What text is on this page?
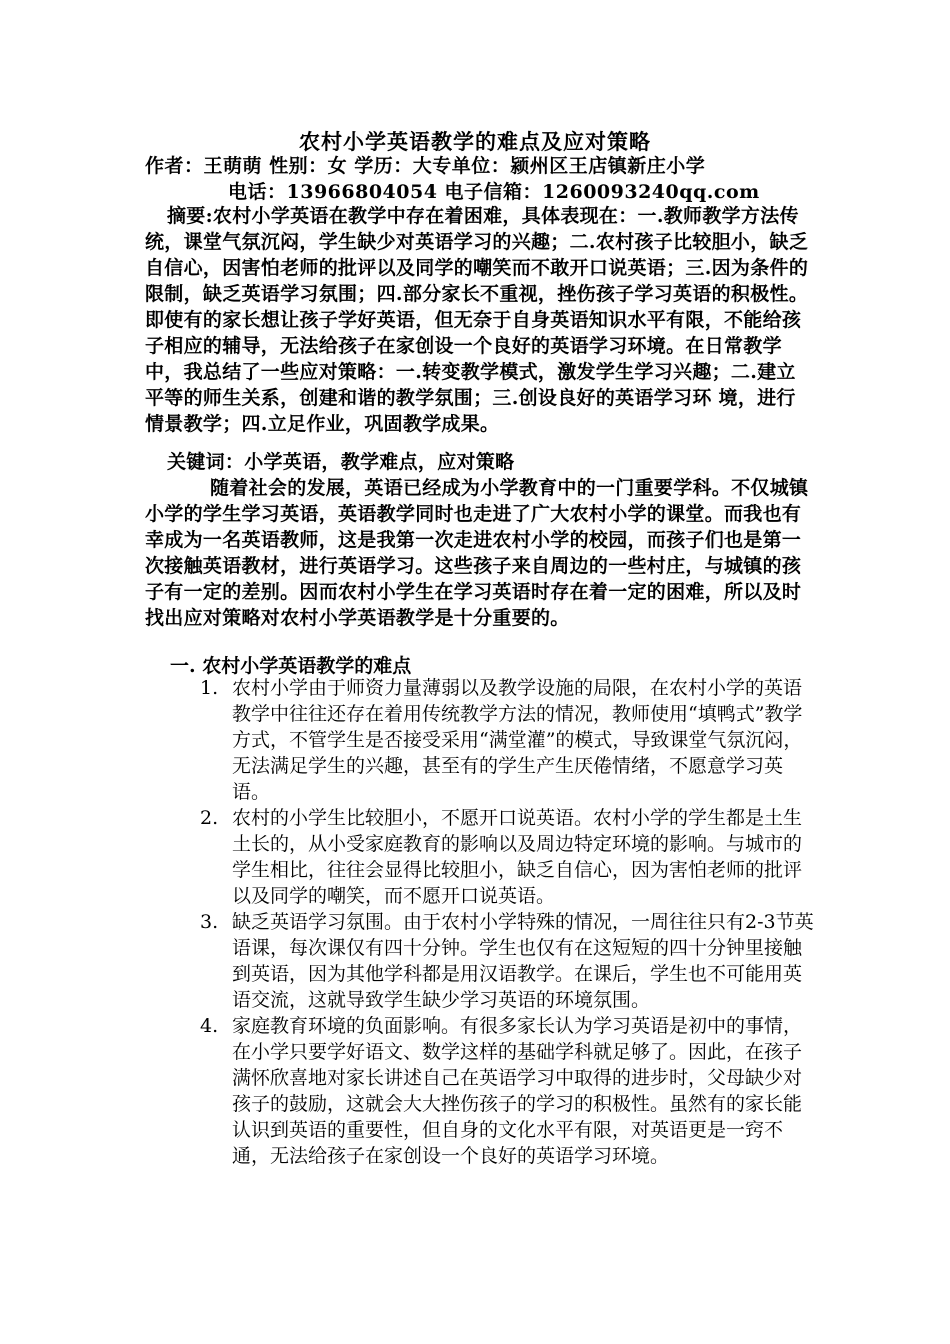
农村小学英语教学的难点及应对策略
作者：王萌萌 性别：女 学历：大专单位：颍州区王店镇新庄小学
电话：13966804054 电子信箱：1260093240qq.com
摘要:农村小学英语在教学中存在着困难，具体表现在：一.教师教学方法传统，课堂气氛沉闷，学生缺少对英语学习的兴趣；二.农村孩子比较胆小，缺乏自信心，因害怕老师的批评以及同学的嘲笑而不敢开口说英语；三.因为条件的限制，缺乏英语学习氛围；四.部分家长不重视，挫伤孩子学习英语的积极性。即使有的家长想让孩子学好英语，但无奈于自身英语知识水平有限，不能给孩子相应的辅导，无法给孩子在家创设一个良好的英语学习环境。在日常教学中，我总结了一些应对策略：一.转变教学模式，激发学生学习兴趣；二.建立平等的师生关系，创建和谐的教学氛围；三.创设良好的英语学习环 境，进行情景教学；四.立足作业，巩固教学成果。
关键词：小学英语，教学难点，应对策略
随着社会的发展，英语已经成为小学教育中的一门重要学科。不仅城镇小学的学生学习英语，英语教学同时也走进了广大农村小学的课堂。而我也有幸成为一名英语教师，这是我第一次走进农村小学的校园，而孩子们也是第一次接触英语教材，进行英语学习。这些孩子来自周边的一些村庄，与城镇的孩子有一定的差别。因而农村小学生在学习英语时存在着一定的困难，所以及时找出应对策略对农村小学英语教学是十分重要的。
一. 农村小学英语教学的难点
1. 农村小学由于师资力量薄弱以及教学设施的局限，在农村小学的英语教学中往往还存在着用传统教学方法的情况，教师使用“填鸭式”教学方式，不管学生是否接受采用“满堂灌”的模式，导致课堂气氛沉闷，无法满足学生的兴趣，甚至有的学生产生厌倦情绪，不愿意学习英语。
2. 农村的小学生比较胆小，不愿开口说英语。农村小学的学生都是土生土长的，从小受家庭教育的影响以及周边特定环境的影响。与城市的学生相比，往往会显得比较胆小，缺乏自信心，因为害怕老师的批评以及同学的嘲笑，而不愿开口说英语。
3. 缺乏英语学习氛围。由于农村小学特殊的情况，一周往往只有2-3节英语课，每次课仅有四十分钟。学生也仅有在这短短的四十分钟里接触到英语，因为其他学科都是用汉语教学。在课后，学生也不可能用英语交流，这就导致学生缺少学习英语的环境氛围。
4. 家庭教育环境的负面影响。有很多家长认为学习英语是初中的事情，在小学只要学好语文、数学这样的基础学科就足够了。因此，在孩子满怀欣喜地对家长讲述自己在英语学习中取得的进步时，父母缺少对孩子的鼓励，这就会大大挫伤孩子的学习的积极性。虽然有的家长能认识到英语的重要性，但自身的文化水平有限，对英语更是一窍不通，无法给孩子在家创设一个良好的英语学习环境。
